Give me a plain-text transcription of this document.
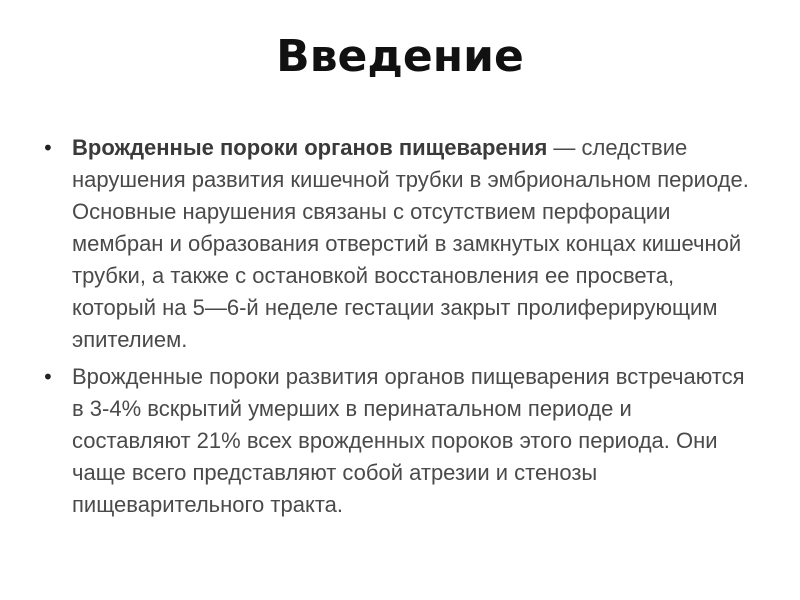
Введение
• Врожденные пороки органов пищеварения — следствие нарушения развития кишечной трубки в эмбриональном периоде. Основные нарушения связаны с отсутствием перфорации мембран и образования отверстий в замкнутых концах кишечной трубки, а также с остановкой восстановления ее просвета, который на 5—6-й неделе гестации закрыт пролиферирующим эпителием.
• Врожденные пороки развития органов пищеварения встречаются в 3-4% вскрытий умерших в перинатальном периоде и составляют 21% всех врожденных пороков этого периода. Они чаще всего представляют собой атрезии и стенозы пищеварительного тракта.
